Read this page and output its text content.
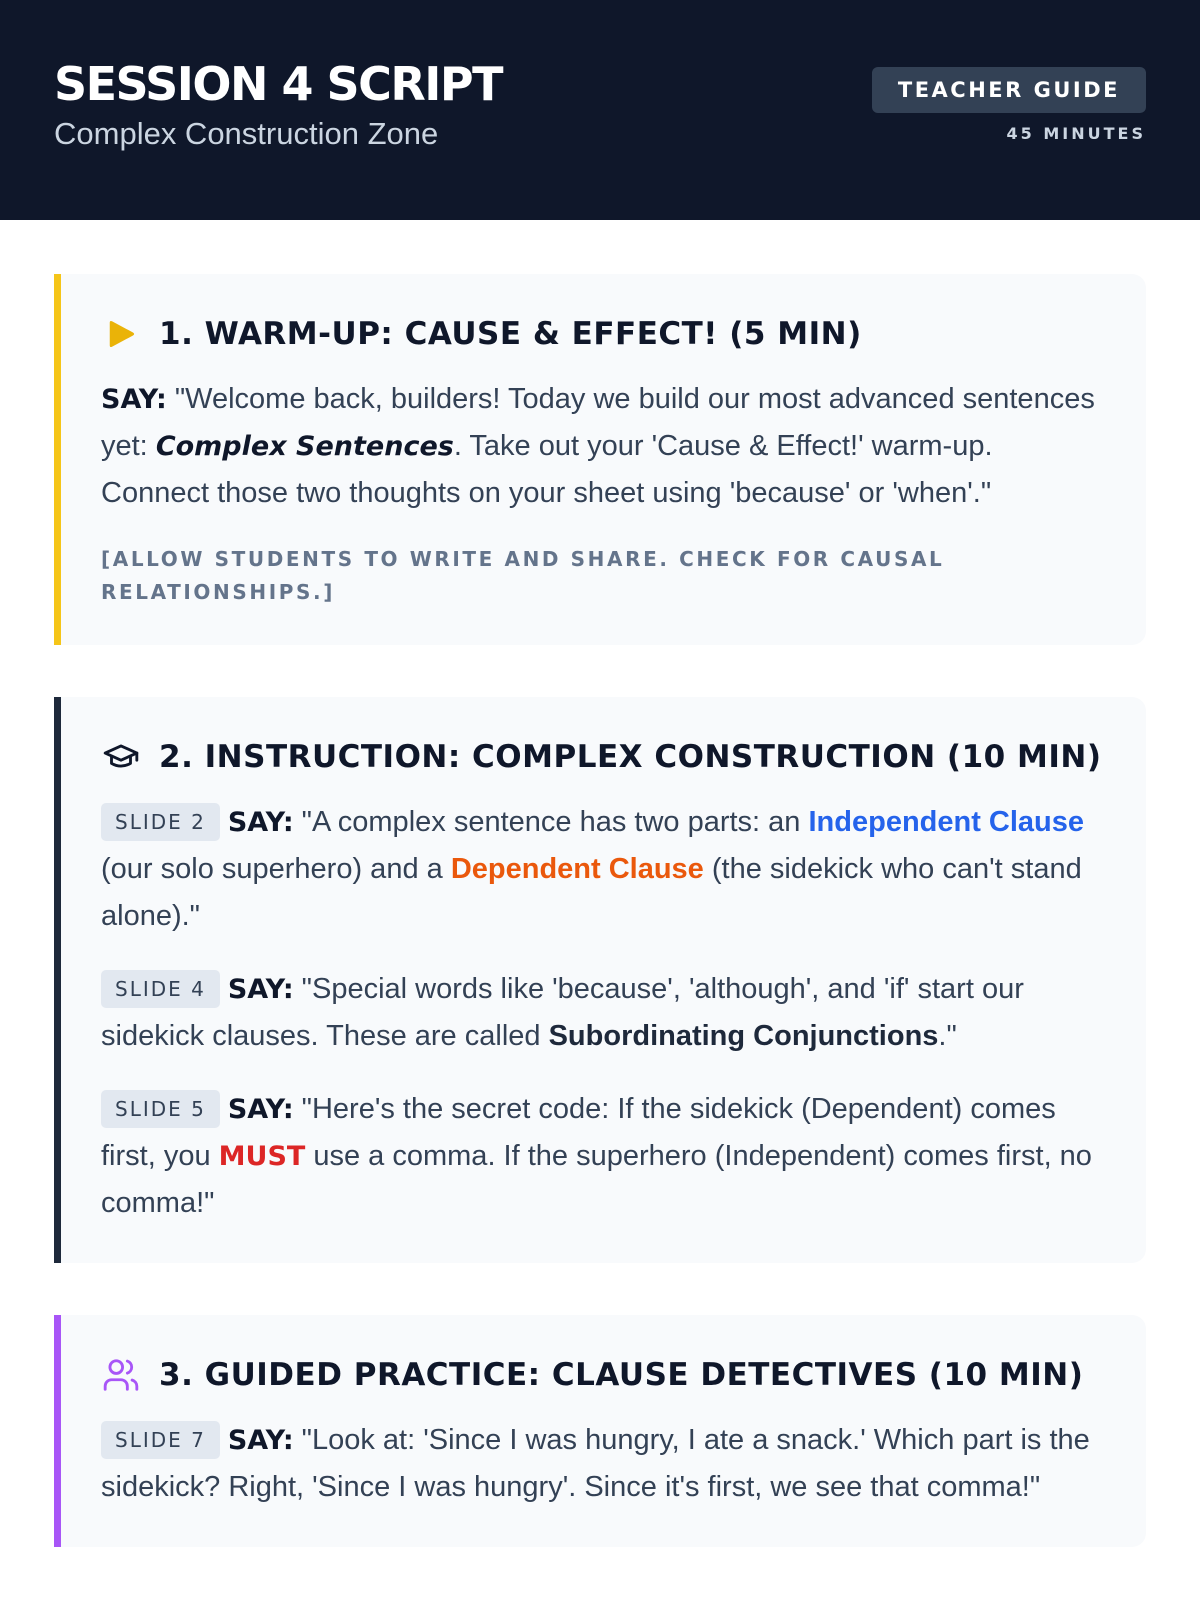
SESSION 4 SCRIPT
Complex Construction Zone
TEACHER GUIDE
45 MINUTES
1. WARM-UP: CAUSE & EFFECT! (5 MIN)

SAY: "Welcome back, builders! Today we build our most advanced sentences yet: Complex Sentences. Take out your 'Cause & Effect!' warm-up. Connect those two thoughts on your sheet using 'because' or 'when'."

[ALLOW STUDENTS TO WRITE AND SHARE. CHECK FOR CAUSAL RELATIONSHIPS.]
2. INSTRUCTION: COMPLEX CONSTRUCTION (10 MIN)

SLIDE 2 SAY: "A complex sentence has two parts: an Independent Clause (our solo superhero) and a Dependent Clause (the sidekick who can't stand alone)."

SLIDE 4 SAY: "Special words like 'because', 'although', and 'if' start our sidekick clauses. These are called Subordinating Conjunctions."

SLIDE 5 SAY: "Here's the secret code: If the sidekick (Dependent) comes first, you MUST use a comma. If the superhero (Independent) comes first, no comma!"

3. GUIDED PRACTICE: CLAUSE DETECTIVES (10 MIN)

SLIDE 7 SAY: "Look at: 'Since I was hungry, I ate a snack.' Which part is the sidekick? Right, 'Since I was hungry'. Since it's first, we see that comma!"
